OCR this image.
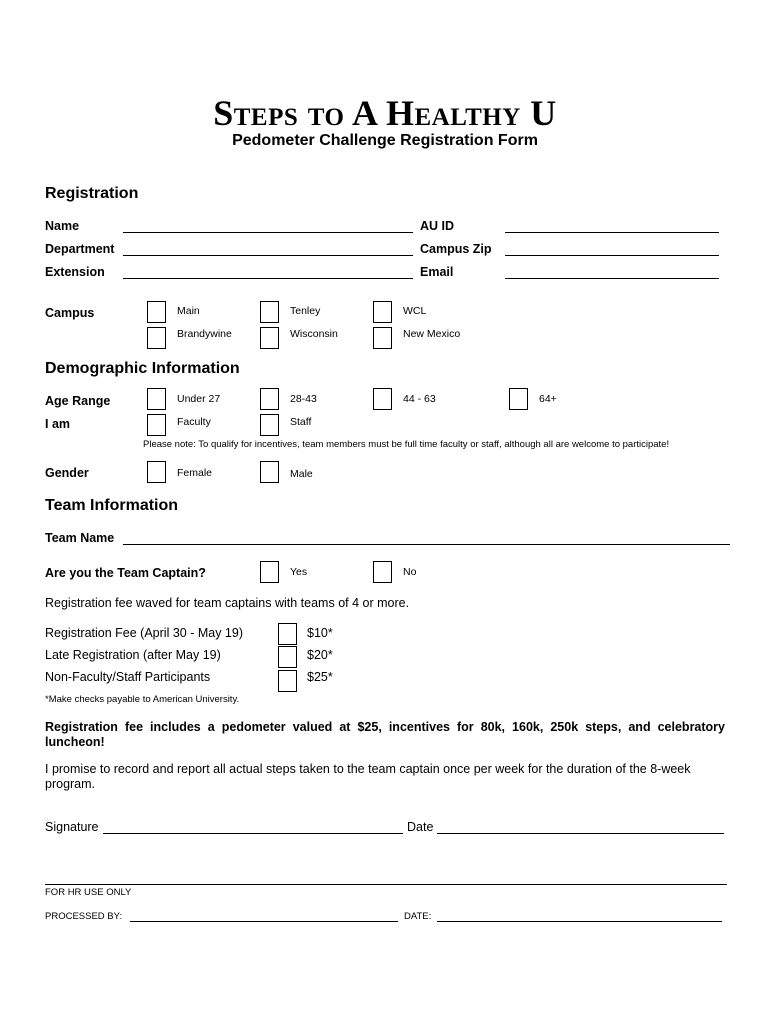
Steps to A Healthy U
Pedometer Challenge Registration Form
Registration
Name	AU ID
Department	Campus Zip
Extension	Email
Campus	Main	Tenley	WCL
Brandywine	Wisconsin	New Mexico
Demographic Information
Age Range	Under 27	28-43	44 - 63	64+
I am	Faculty	Staff
Please note: To qualify for incentives, team members must be full time faculty or staff, although all are welcome to participate!
Gender	Female	Male
Team Information
Team Name
Are you the Team Captain?	Yes	No
Registration fee waved for team captains with teams of 4 or more.
Registration Fee (April 30 - May 19)	$10*
Late Registration (after May 19)	$20*
Non-Faculty/Staff Participants	$25*
*Make checks payable to American University.
Registration fee includes a pedometer valued at $25, incentives for 80k, 160k, 250k steps, and celebratory luncheon!
I promise to record and report all actual steps taken to the team captain once per week for the duration of the 8-week program.
Signature	Date
FOR HR USE ONLY
PROCESSED BY:	DATE:
